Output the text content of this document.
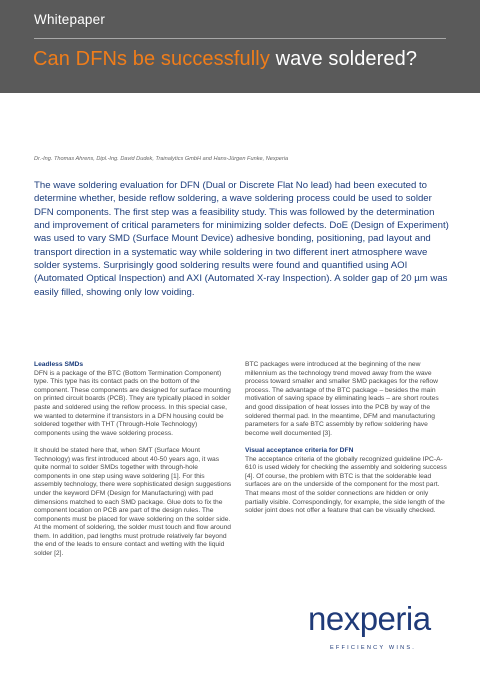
Whitepaper
Can DFNs be successfully wave soldered?
Dr.-Ing. Thomas Ahrens, Dipl.-Ing. David Dudek, Trainalytics GmbH and Hans-Jürgen Funke, Nexperia

The wave soldering evaluation for DFN (Dual or Discrete Flat No lead) had been executed to determine whether, beside reflow soldering, a wave soldering process could be used to solder DFN components. The first step was a feasibility study. This was followed by the determination and improvement of critical parameters for minimizing solder defects. DoE (Design of Experiment) was used to vary SMD (Surface Mount Device) adhesive bonding, positioning, pad layout and transport direction in a systematic way while soldering in two different inert atmosphere wave solder systems. Surprisingly good soldering results were found and quantified using AOI (Automated Optical Inspection) and AXI (Automated X-ray Inspection). A solder gap of 20 µm was easily filled, showing only low voiding.

Leadless SMDs

DFN is a package of the BTC (Bottom Termination Component) type. This type has its contact pads on the bottom of the component. These components are designed for surface mounting on printed circuit boards (PCB). They are typically placed in solder paste and soldered using the reflow process. In this special case, we wanted to determine if transistors in a DFN housing could be soldered together with THT (Through-Hole Technology) components using the wave soldering process.

It should be stated here that, when SMT (Surface Mount Technology) was first introduced about 40-50 years ago, it was quite normal to solder SMDs together with through-hole components in one step using wave soldering [1]. For this assembly technology, there were sophisticated design suggestions under the keyword DFM (Design for Manufacturing) with pad dimensions matched to each SMD package. Glue dots to fix the component location on PCB are part of the design rules. The components must be placed for wave soldering on the solder side. At the moment of soldering, the solder must touch and flow around them. In addition, pad lengths must protrude relatively far beyond the end of the leads to ensure contact and wetting with the liquid solder [2].

BTC packages were introduced at the beginning of the new millennium as the technology trend moved away from the wave process toward smaller and smaller SMD packages for the reflow process. The advantage of the BTC package – besides the main motivation of saving space by eliminating leads – are short routes and good dissipation of heat losses into the PCB by way of the soldered thermal pad. In the meantime, DFM and manufacturing parameters for a safe BTC assembly by reflow soldering have become well documented [3].

Visual acceptance criteria for DFN

The acceptance criteria of the globally recognized guideline IPC-A-610 is used widely for checking the assembly and soldering success [4]. Of course, the problem with BTC is that the solderable lead surfaces are on the underside of the component for the most part. That means most of the solder connections are hidden or only partially visible. Correspondingly, for example, the side length of the solder joint does not offer a feature that can be visually checked.

nexperia
EFFICIENCY WINS.
